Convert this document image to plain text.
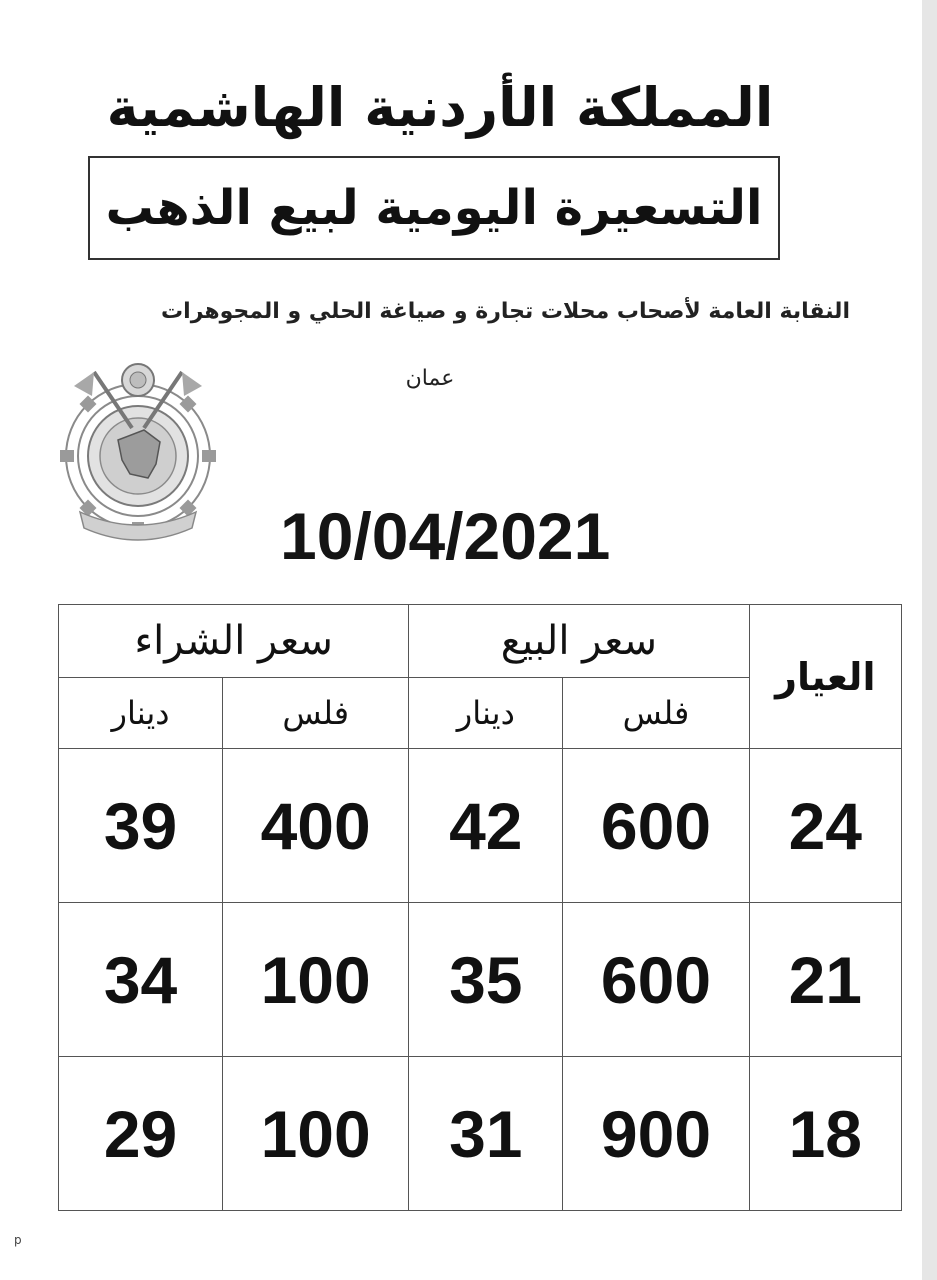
المملكة الأردنية الهاشمية
التسعيرة اليومية لبيع الذهب
النقابة العامة لأصحاب محلات تجارة و صياغة الحلي و المجوهرات
عمان
10/04/2021
العيار	سعر البيع		سعر الشراء	
	فلس	دينار	فلس	دينار
24	600	42	400	39
21	600	35	100	34
18	900	31	100	29
p
